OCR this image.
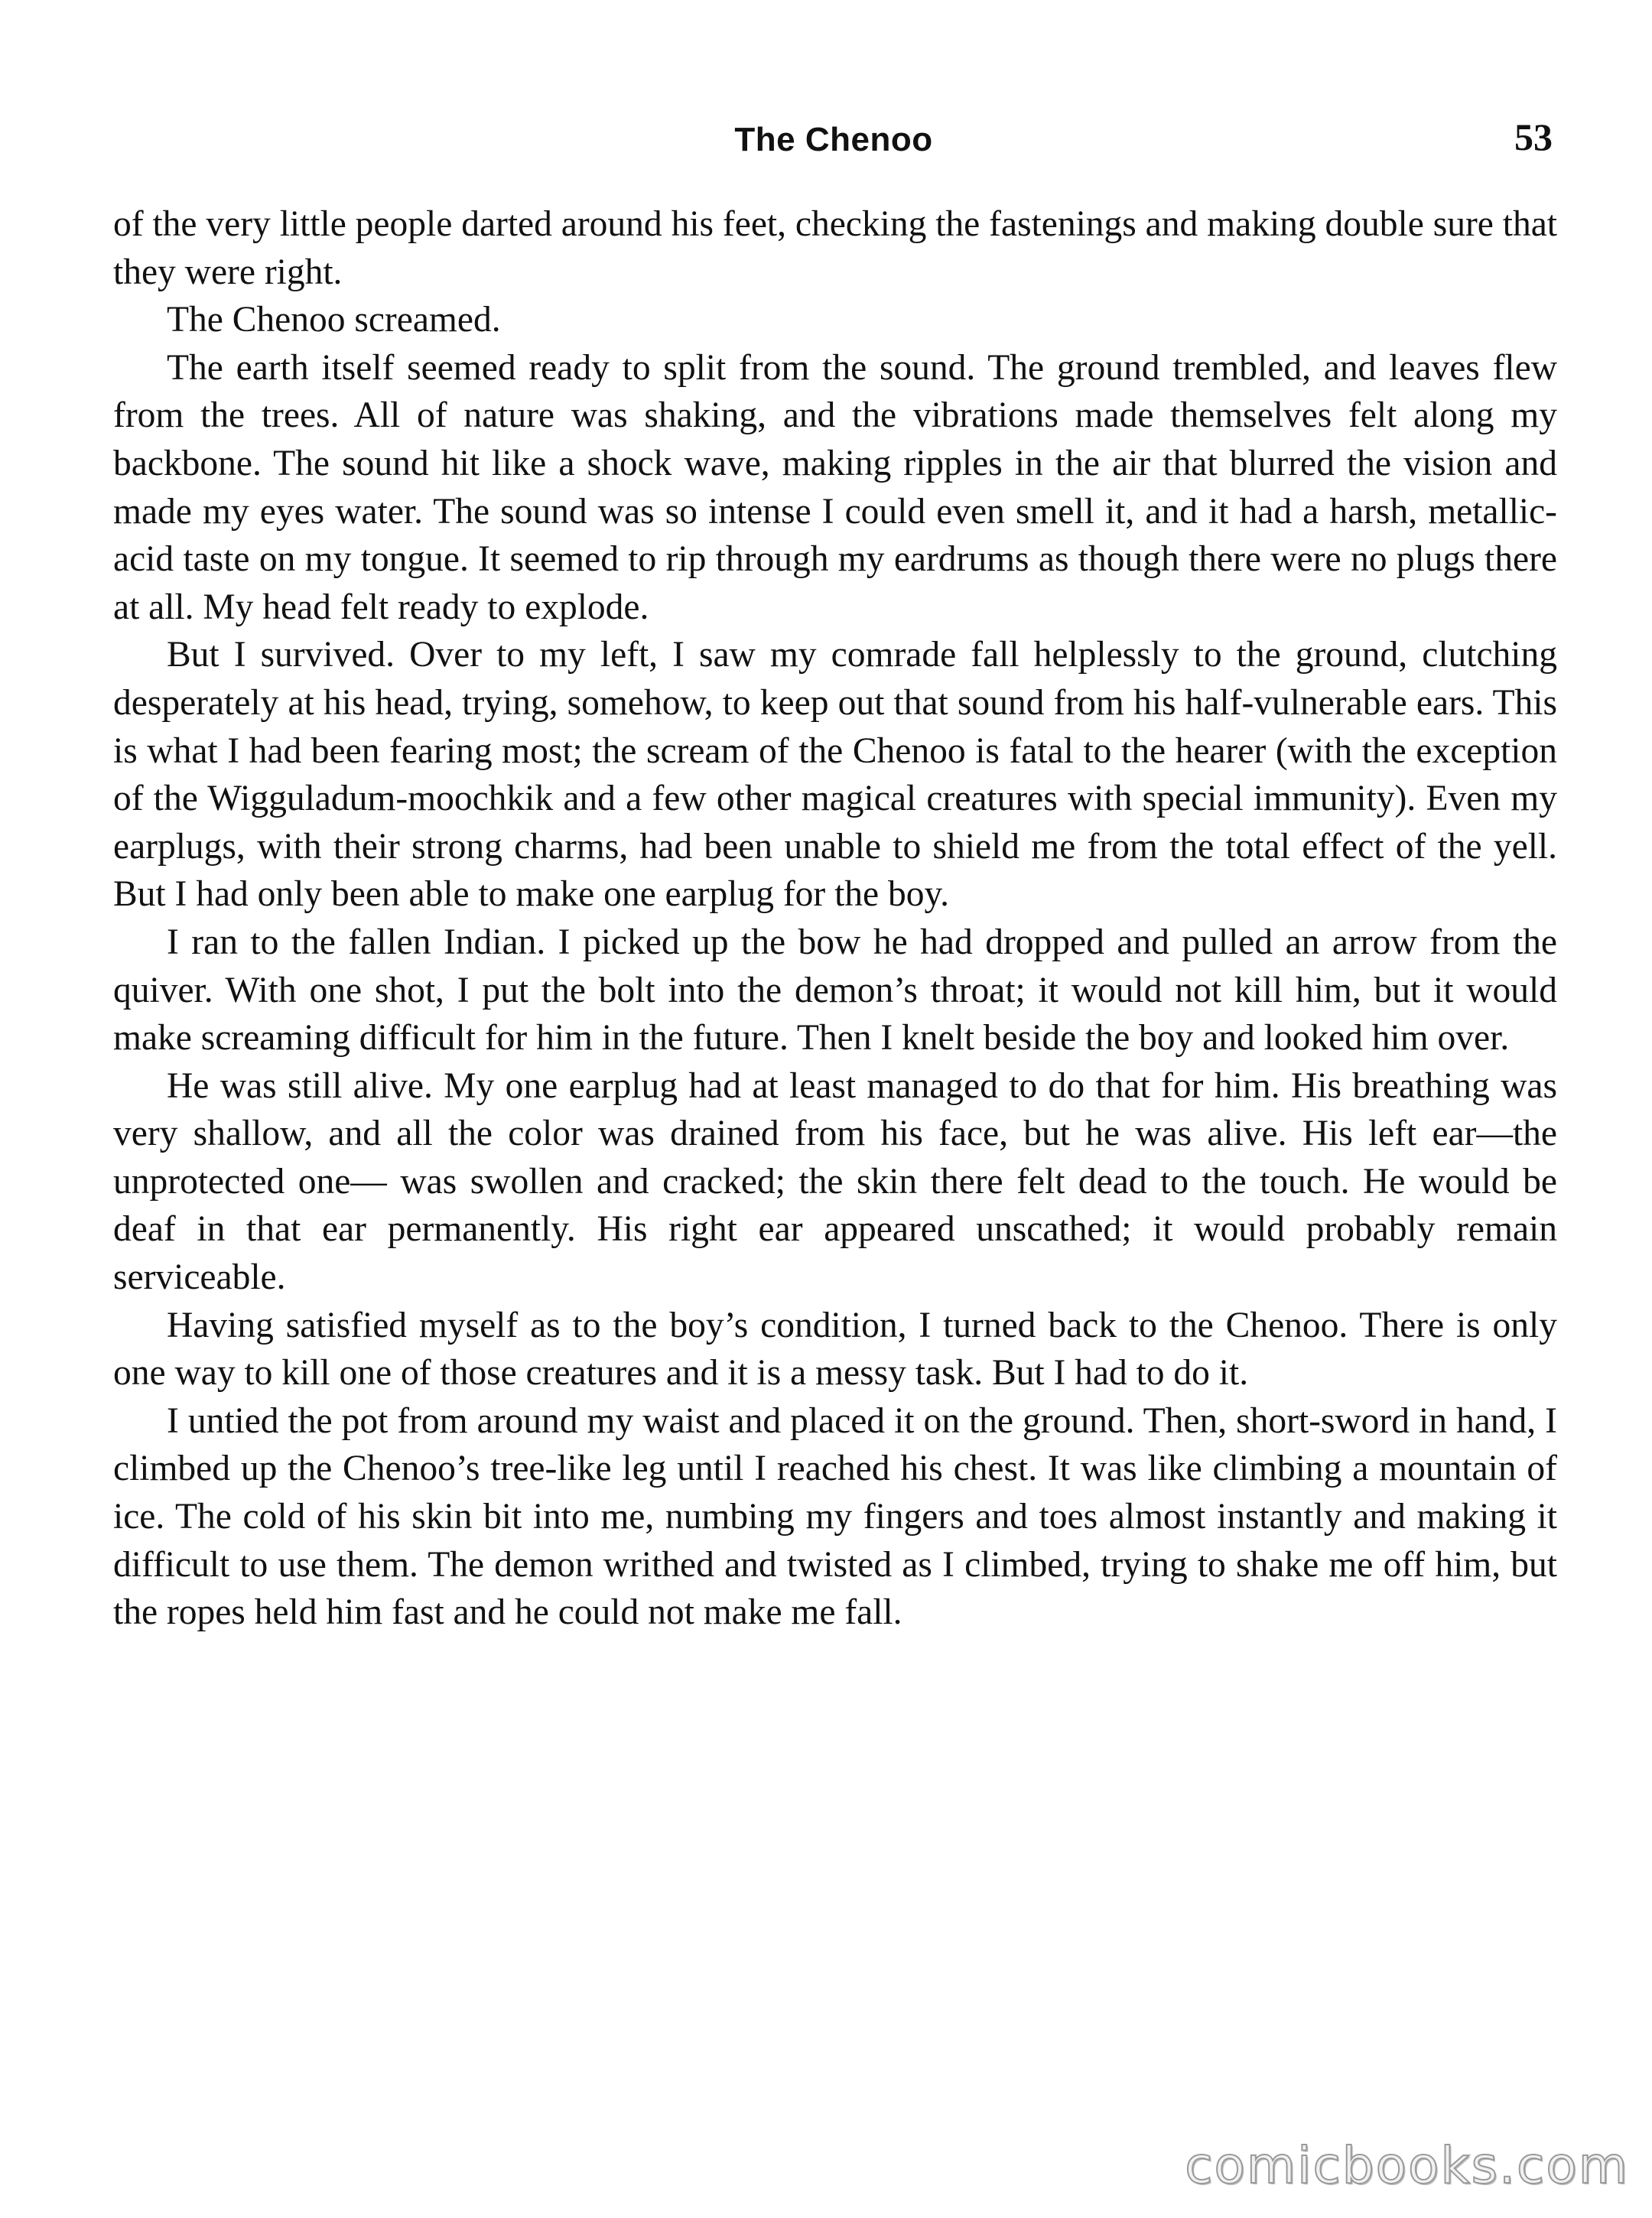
The Chenoo	53

of the very little people darted around his feet, checking the fastenings and making double sure that they were right.

The Chenoo screamed.

The earth itself seemed ready to split from the sound. The ground trembled, and leaves flew from the trees. All of nature was shaking, and the vibrations made themselves felt along my backbone. The sound hit like a shock wave, making ripples in the air that blurred the vision and made my eyes water. The sound was so intense I could even smell it, and it had a harsh, metallic-acid taste on my tongue. It seemed to rip through my eardrums as though there were no plugs there at all. My head felt ready to explode.

But I survived. Over to my left, I saw my comrade fall helplessly to the ground, clutching desperately at his head, trying, somehow, to keep out that sound from his half-vulnerable ears. This is what I had been fearing most; the scream of the Chenoo is fatal to the hearer (with the exception of the Wigguladum-moochkik and a few other magical creatures with special immunity). Even my earplugs, with their strong charms, had been unable to shield me from the total effect of the yell. But I had only been able to make one earplug for the boy.

I ran to the fallen Indian. I picked up the bow he had dropped and pulled an arrow from the quiver. With one shot, I put the bolt into the demon’s throat; it would not kill him, but it would make screaming difficult for him in the future. Then I knelt beside the boy and looked him over.

He was still alive. My one earplug had at least managed to do that for him. His breathing was very shallow, and all the color was drained from his face, but he was alive. His left ear—the unprotected one— was swollen and cracked; the skin there felt dead to the touch. He would be deaf in that ear permanently. His right ear appeared unscathed; it would probably remain serviceable.

Having satisfied myself as to the boy’s condition, I turned back to the Chenoo. There is only one way to kill one of those creatures and it is a messy task. But I had to do it.

I untied the pot from around my waist and placed it on the ground. Then, short-sword in hand, I climbed up the Chenoo’s tree-like leg until I reached his chest. It was like climbing a mountain of ice. The cold of his skin bit into me, numbing my fingers and toes almost instantly and making it difficult to use them. The demon writhed and twisted as I climbed, trying to shake me off him, but the ropes held him fast and he could not make me fall.

comicbooks.com
